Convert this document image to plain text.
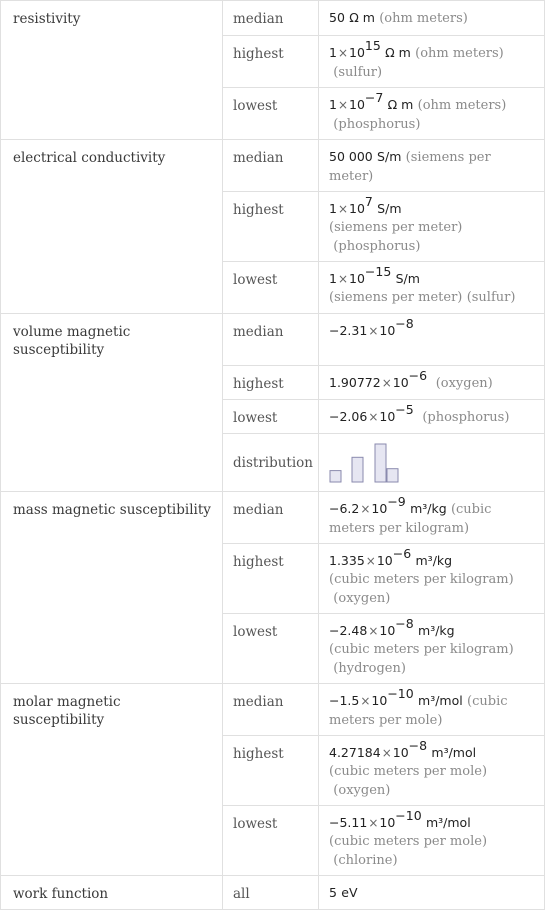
resistivity	median	50 Ω m (ohm meters)
	highest	$1\times 10^{15}$ Ω m (ohm meters)
(sulfur)
	lowest	$1\times 10^{-7}$ Ω m (ohm meters)
(phosphorus)
electrical conductivity	median	50 000 S/m (siemens per meter)
	highest	$1\times 10^7$ S/m
(siemens per meter)
(phosphorus)
	lowest	$1\times 10^{-15}$ S/m
(siemens per meter) (sulfur)
volume magnetic susceptibility	median	$-2.31\times 10^{-8}$
	highest	$1.90772\times 10^{-6}$  (oxygen)
	lowest	$-2.06\times 10^{-5}$  (phosphorus)
	distribution	

mass magnetic susceptibility	median	$-6.2\times 10^{-9}$ m³/kg (cubic meters per kilogram)
	highest	$1.335\times 10^{-6}$ m³/kg
(cubic meters per kilogram)
(oxygen)
	lowest	$-2.48\times 10^{-8}$ m³/kg
(cubic meters per kilogram)
(hydrogen)
molar magnetic susceptibility	median	$-1.5\times 10^{-10}$ m³/mol (cubic meters per mole)
	highest	$4.27184\times 10^{-8}$ m³/mol
(cubic meters per mole)
(oxygen)
	lowest	$-5.11\times 10^{-10}$ m³/mol
(cubic meters per mole)
(chlorine)
work function	all	5 eV
